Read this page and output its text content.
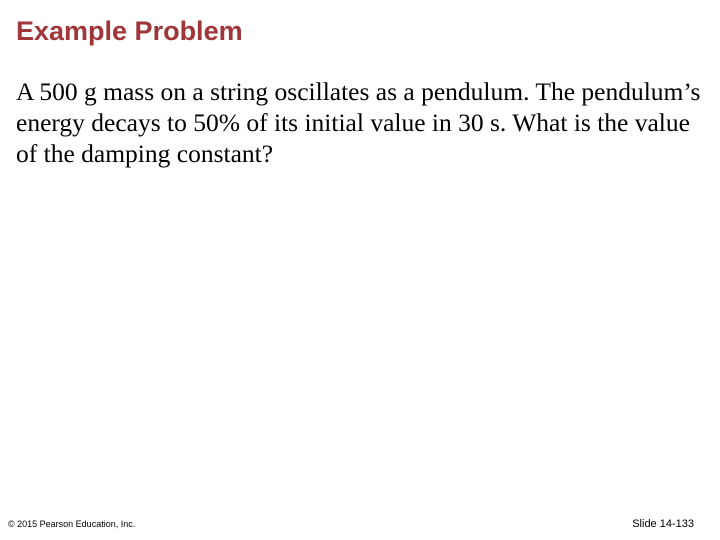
Example Problem
A 500 g mass on a string oscillates as a pendulum. The pendulum’s energy decays to 50% of its initial value in 30 s. What is the value of the damping constant?
© 2015 Pearson Education, Inc.	Slide 14-133
